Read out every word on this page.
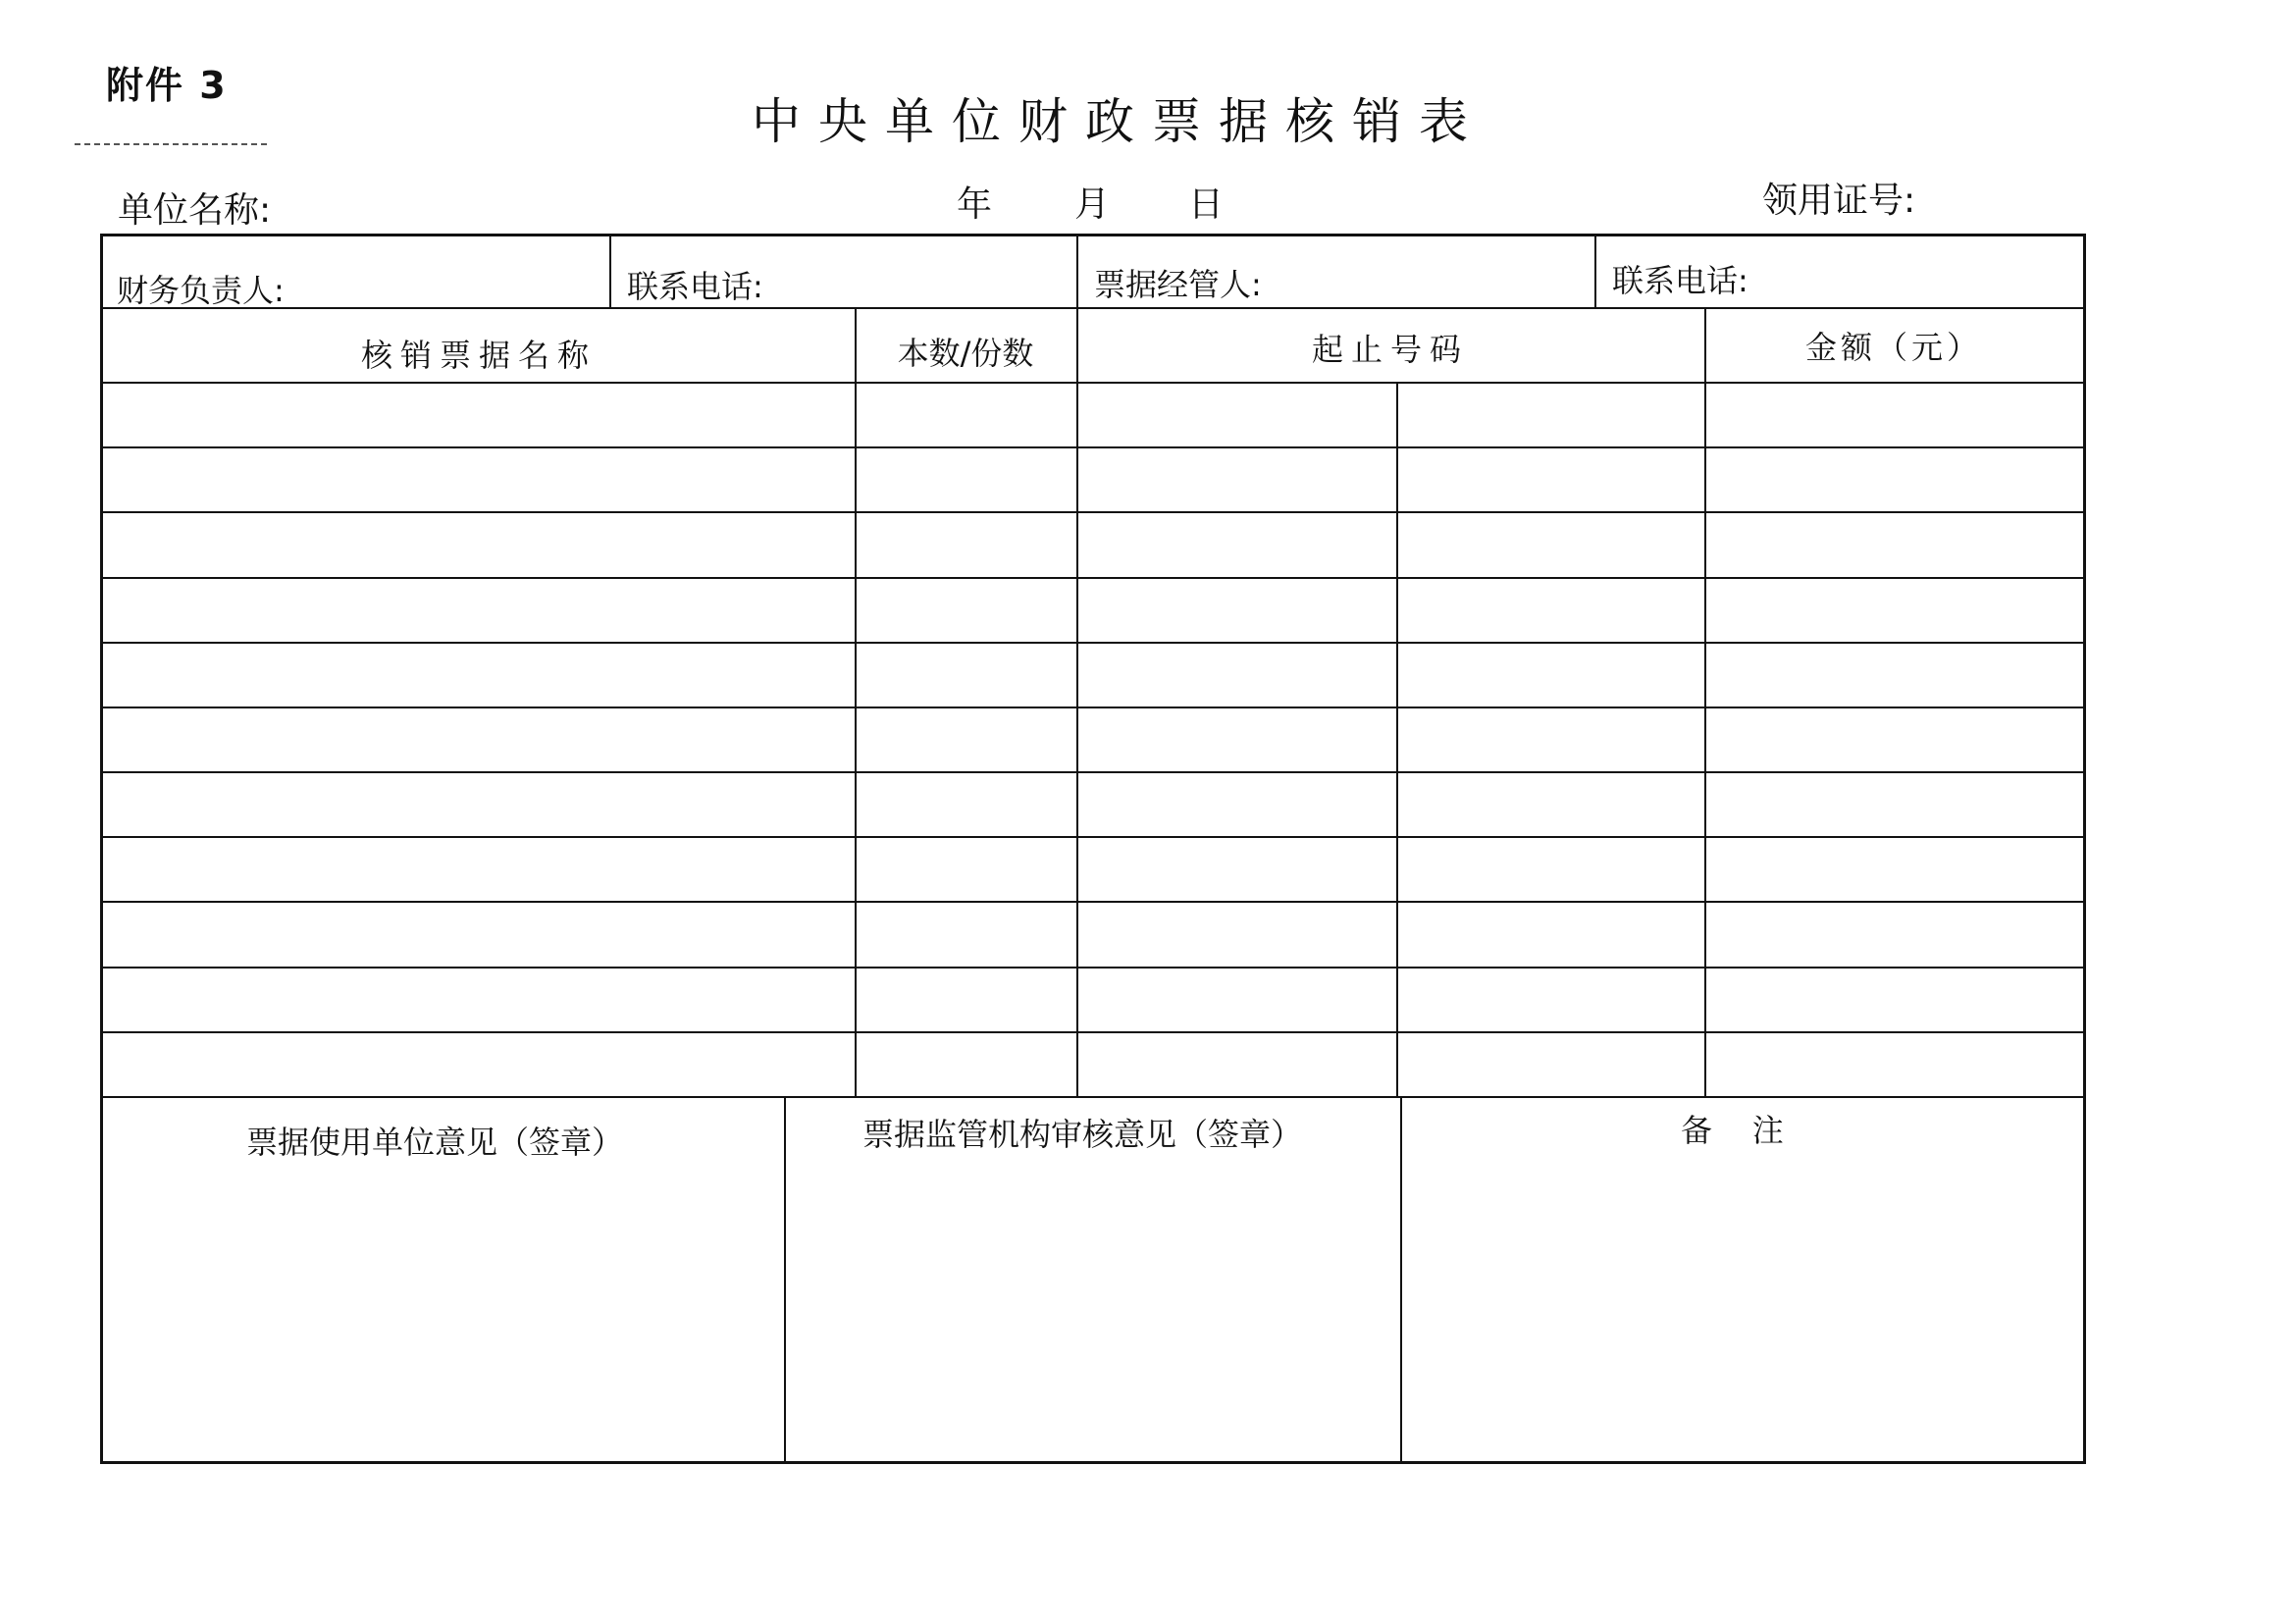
附件 3
中央单位财政票据核销表
单位名称:	年 月 日	领用证号:
财务负责人:	联系电话:	票据经管人:	联系电话:
核销票据名称	本数/份数	起止号码	金额（元）
票据使用单位意见（签章）	票据监管机构审核意见（签章）	备    注
